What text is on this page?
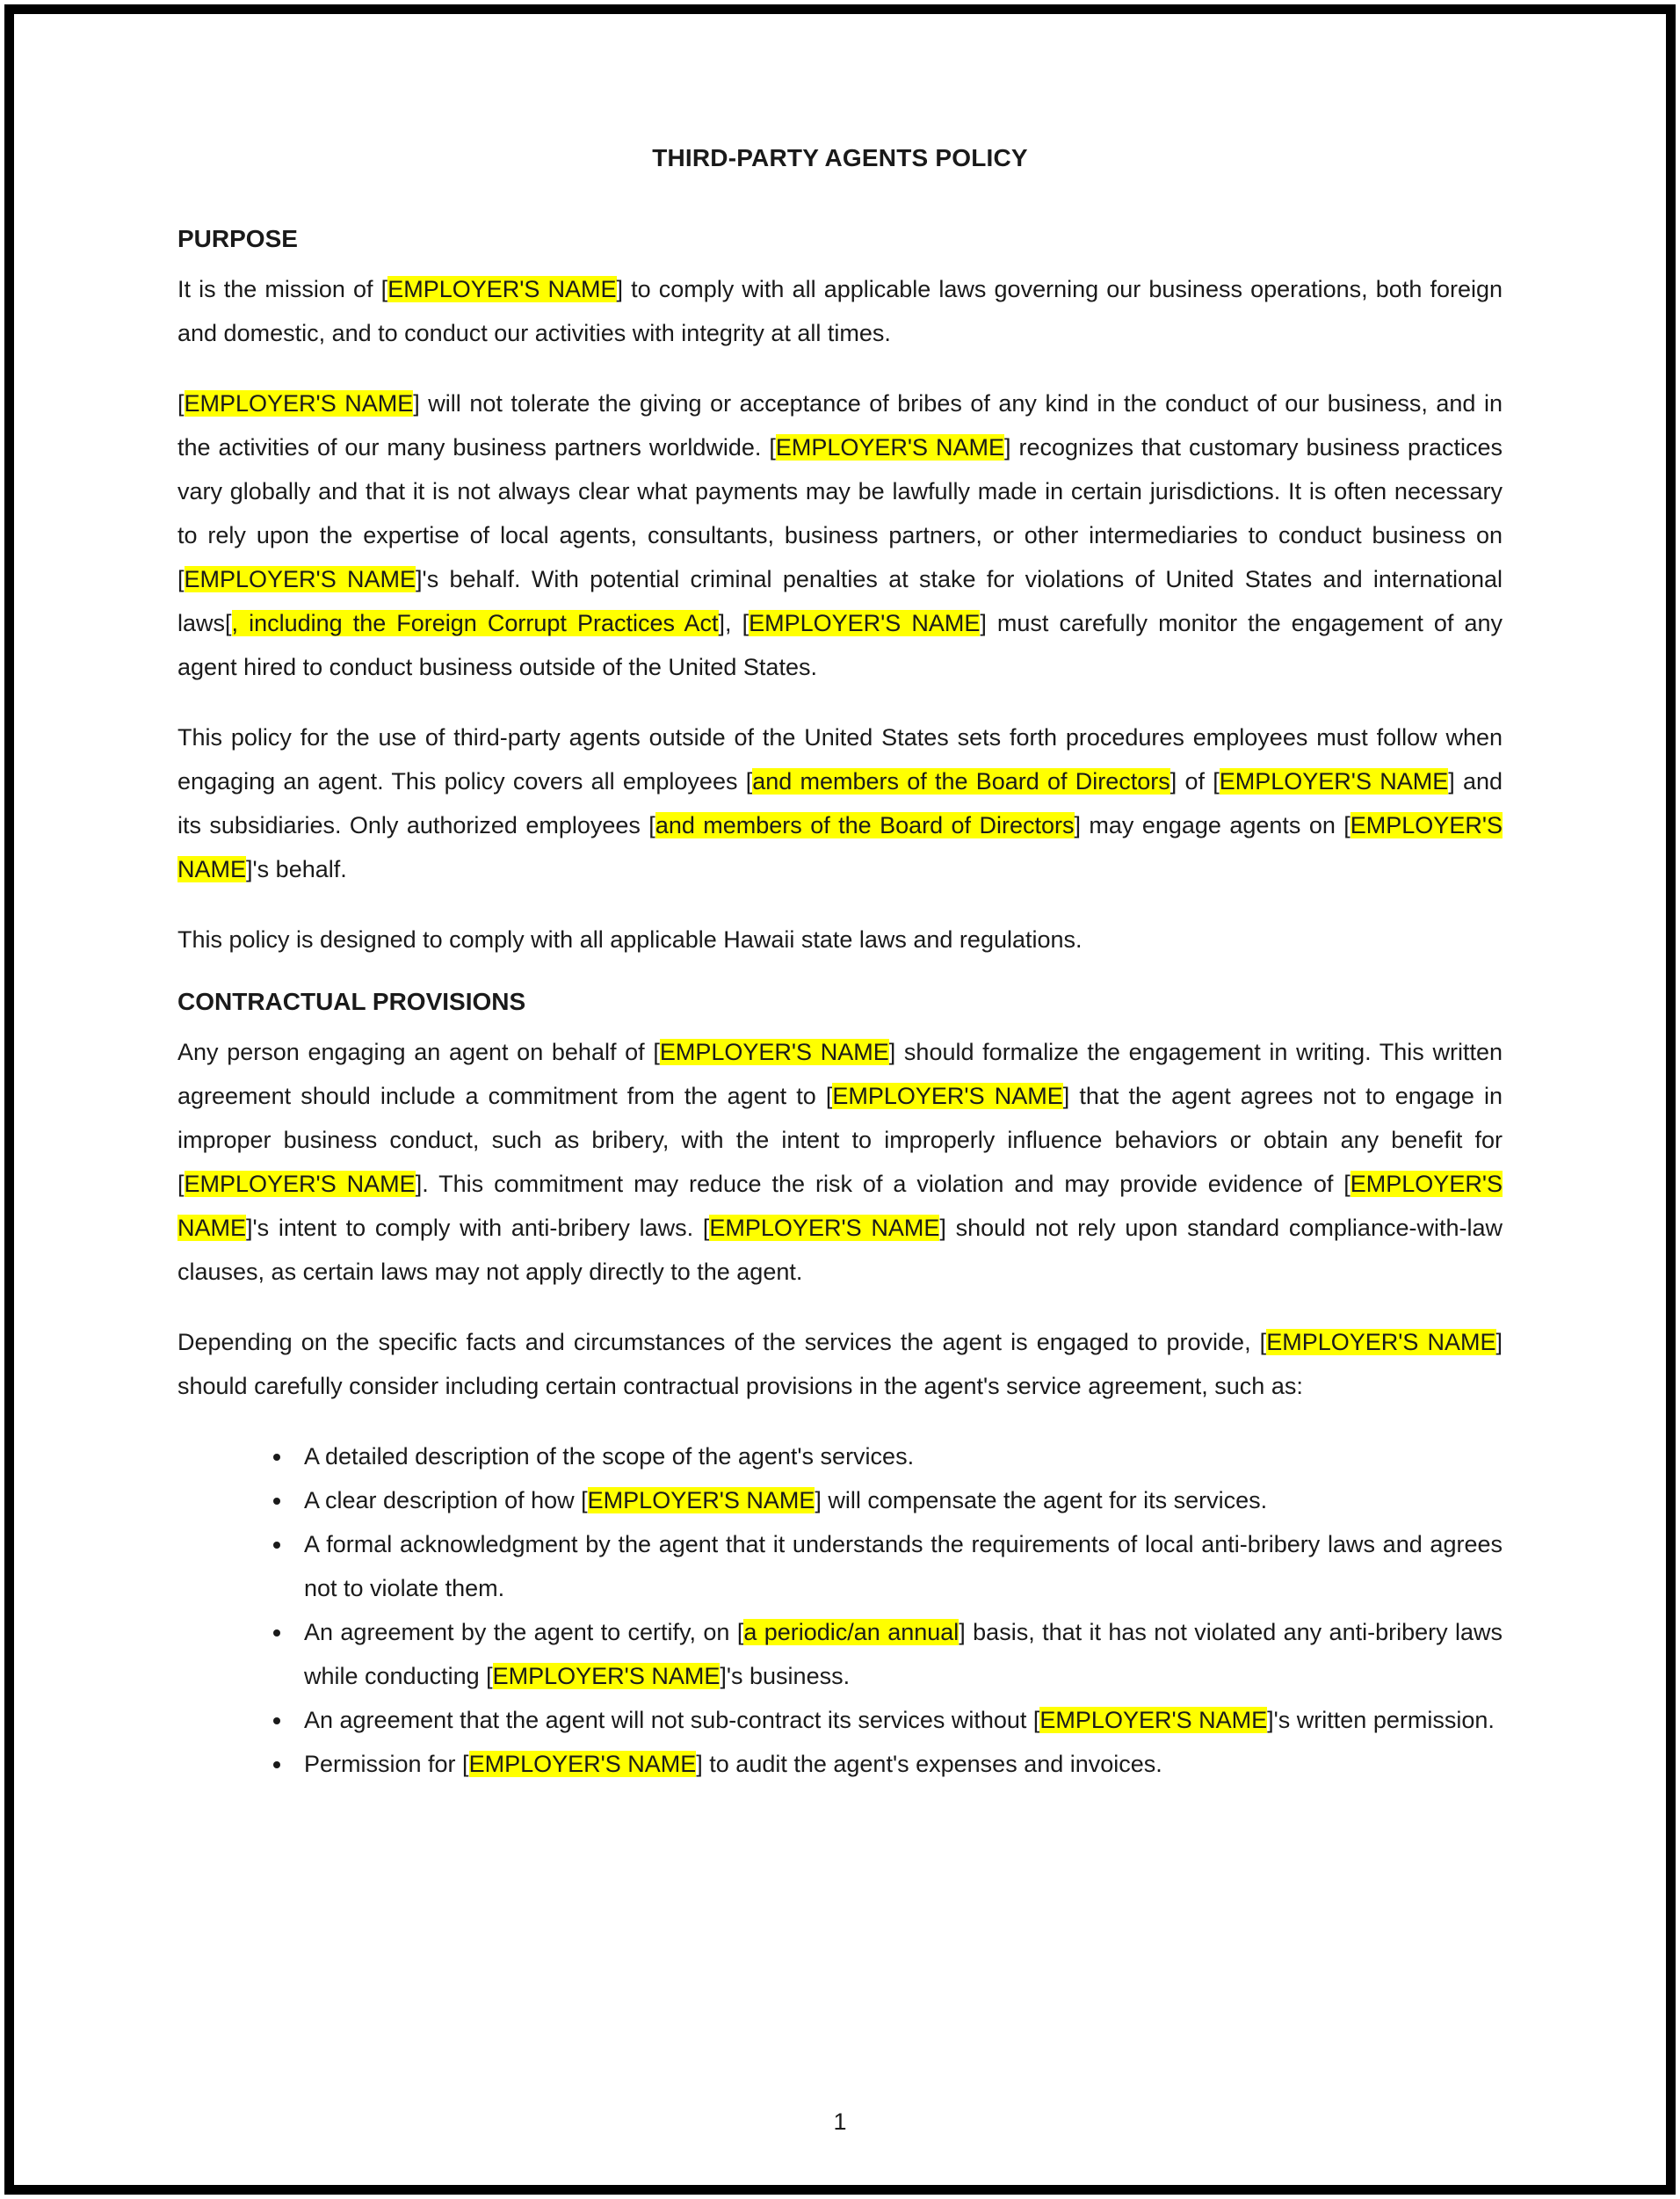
THIRD-PARTY AGENTS POLICY
PURPOSE

It is the mission of [EMPLOYER'S NAME] to comply with all applicable laws governing our business operations, both foreign and domestic, and to conduct our activities with integrity at all times.

[EMPLOYER'S NAME] will not tolerate the giving or acceptance of bribes of any kind in the conduct of our business, and in the activities of our many business partners worldwide. [EMPLOYER'S NAME] recognizes that customary business practices vary globally and that it is not always clear what payments may be lawfully made in certain jurisdictions. It is often necessary to rely upon the expertise of local agents, consultants, business partners, or other intermediaries to conduct business on [EMPLOYER'S NAME]'s behalf. With potential criminal penalties at stake for violations of United States and international laws[, including the Foreign Corrupt Practices Act], [EMPLOYER'S NAME] must carefully monitor the engagement of any agent hired to conduct business outside of the United States.

This policy for the use of third-party agents outside of the United States sets forth procedures employees must follow when engaging an agent. This policy covers all employees [and members of the Board of Directors] of [EMPLOYER'S NAME] and its subsidiaries. Only authorized employees [and members of the Board of Directors] may engage agents on [EMPLOYER'S NAME]'s behalf.

This policy is designed to comply with all applicable Hawaii state laws and regulations.

CONTRACTUAL PROVISIONS

Any person engaging an agent on behalf of [EMPLOYER'S NAME] should formalize the engagement in writing. This written agreement should include a commitment from the agent to [EMPLOYER'S NAME] that the agent agrees not to engage in improper business conduct, such as bribery, with the intent to improperly influence behaviors or obtain any benefit for [EMPLOYER'S NAME]. This commitment may reduce the risk of a violation and may provide evidence of [EMPLOYER'S NAME]'s intent to comply with anti-bribery laws. [EMPLOYER'S NAME] should not rely upon standard compliance-with-law clauses, as certain laws may not apply directly to the agent.

Depending on the specific facts and circumstances of the services the agent is engaged to provide, [EMPLOYER'S NAME] should carefully consider including certain contractual provisions in the agent's service agreement, such as:

• A detailed description of the scope of the agent's services.
• A clear description of how [EMPLOYER'S NAME] will compensate the agent for its services.
• A formal acknowledgment by the agent that it understands the requirements of local anti-bribery laws and agrees not to violate them.
• An agreement by the agent to certify, on [a periodic/an annual] basis, that it has not violated any anti-bribery laws while conducting [EMPLOYER'S NAME]'s business.
• An agreement that the agent will not sub-contract its services without [EMPLOYER'S NAME]'s written permission.
• Permission for [EMPLOYER'S NAME] to audit the agent's expenses and invoices.
1
